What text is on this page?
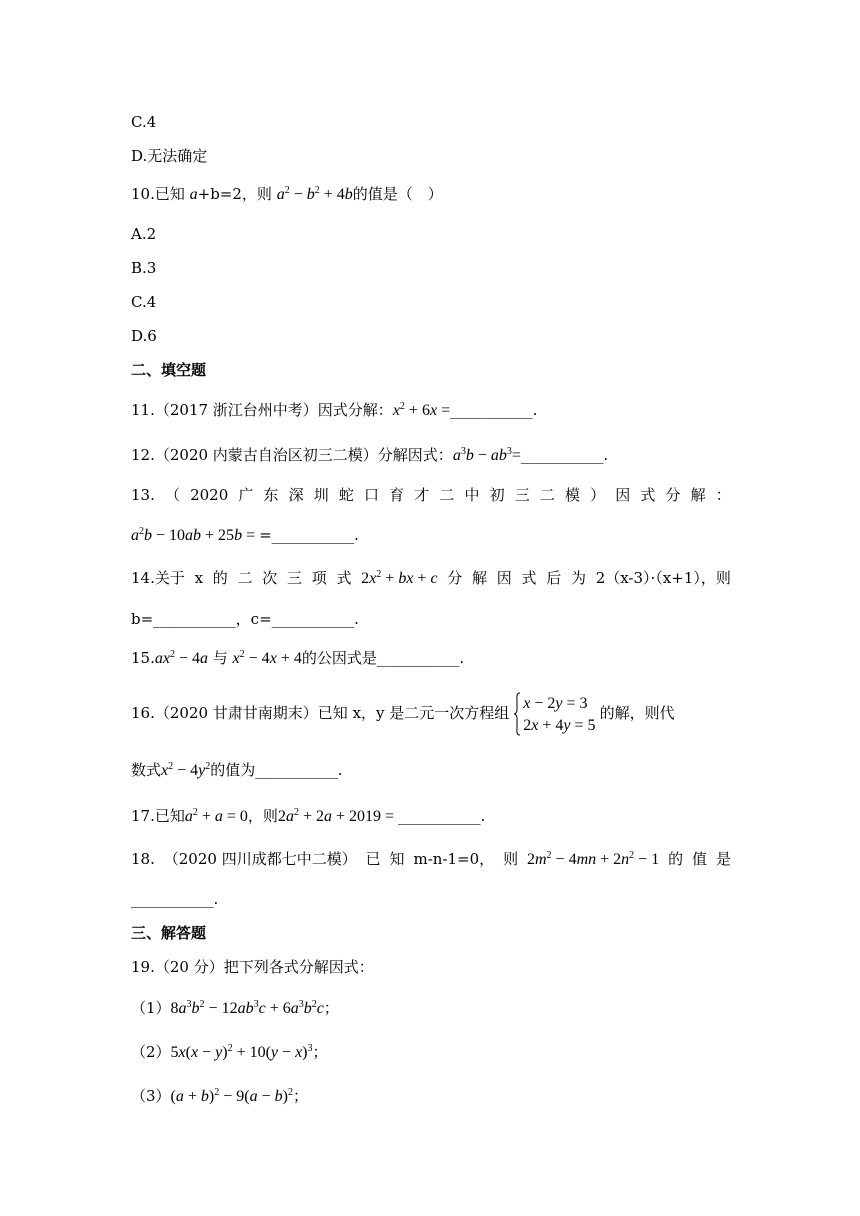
C.4
D.无法确定
10.已知 a+b=2，则 $a^2 - b^2 + 4b$的值是（　）
A.2
B.3
C.4
D.6
二、填空题
11.（2017 浙江台州中考）因式分解：$x^2 + 6x$ =___________.
12.（2020 内蒙古自治区初三二模）分解因式：$a^3b$ − $ab^3=\_\_\_\_\_\_\_\_\_\_\_$.
13. （ 2020 广 东 深 圳 蛇 口 育 才 二 中 初 三 二 模 ） 因 式 分 解 ：
$a^2b - 10ab + 25b$ = =___________.
14.关于 x 的 二 次 三 项 式 $2x^2$ + bx + c 分 解 因 式 后 为 2（x-3）·（x+1），则
b=___________，c=___________.
$15.ax^2 - 4a$ 与 $x^2 - 4x + 4$的公因式是___________.
16.（2020 甘肃甘南期末）已知 x，y 是二元一次方程组
x − 2y = 3
2x + 4y = 5
的解，则代
数式$x^2 - 4y^2$的值为___________.
17.已知$a^2 + a = 0$，则$2a^2 + 2a + 2019$ = ___________.
18. （2020 四川成都七中二模） 已 知 m-n-1=0， 则 $2m^2 - 4mn + 2n^2 - 1$ 的 值 是
___________.
三、解答题
19.（20 分）把下列各式分解因式：
$(1)8a^3b^2 - 12ab^3c + 6a^3b^2c$；
$(2)5x(x - y)^2 + 10(y - x)^3$；
$(3)(a + b)^2 - 9(a - b)^2$；
